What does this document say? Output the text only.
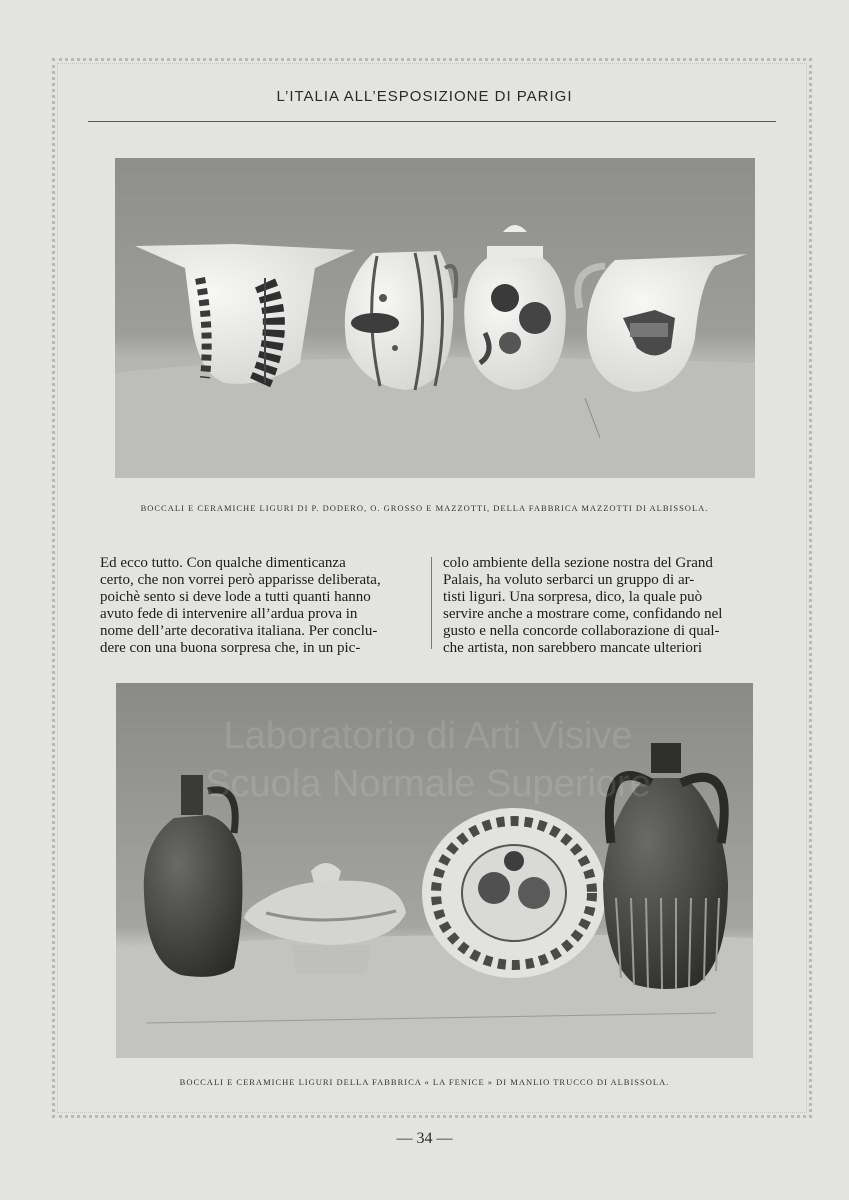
L’ITALIA ALL’ESPOSIZIONE DI PARIGI
BOCCALI E CERAMICHE LIGURI DI P. DODERO, O. GROSSO E MAZZOTTI, DELLA FABBRICA MAZZOTTI DI ALBISSOLA.

Ed ecco tutto. Con qualche dimenticanza
certo, che non vorrei però apparisse deliberata,
poichè sento si deve lode a tutti quanti hanno
avuto fede di intervenire all’ardua prova in
nome dell’arte decorativa italiana. Per conclu-
dere con una buona sorpresa che, in un pic-

colo ambiente della sezione nostra del Grand
Palais, ha voluto serbarci un gruppo di ar-
tisti liguri. Una sorpresa, dico, la quale può
servire anche a mostrare come, confidando nel
gusto e nella concorde collaborazione di qual-
che artista, non sarebbero mancate ulteriori

Laboratorio di Arti Visive
Scuola Normale Superiore
BOCCALI E CERAMICHE LIGURI DELLA FABBRICA « LA FENICE » DI MANLIO TRUCCO DI ALBISSOLA.
— 34 —
